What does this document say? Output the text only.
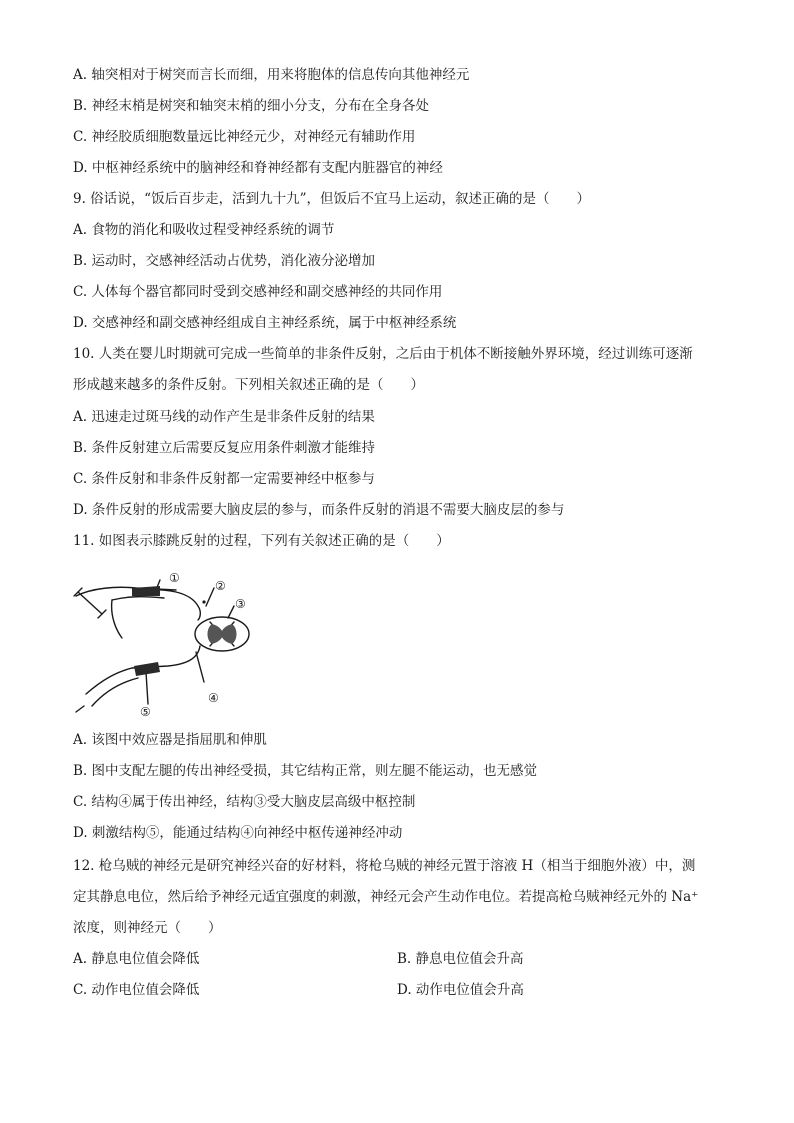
A. 轴突相对于树突而言长而细，用来将胞体的信息传向其他神经元
B. 神经末梢是树突和轴突末梢的细小分支，分布在全身各处
C. 神经胶质细胞数量远比神经元少，对神经元有辅助作用
D. 中枢神经系统中的脑神经和脊神经都有支配内脏器官的神经
9. 俗话说，“饭后百步走，活到九十九”，但饭后不宜马上运动，叙述正确的是（　　）
A. 食物的消化和吸收过程受神经系统的调节
B. 运动时，交感神经活动占优势，消化液分泌增加
C. 人体每个器官都同时受到交感神经和副交感神经的共同作用
D. 交感神经和副交感神经组成自主神经系统，属于中枢神经系统
10. 人类在婴儿时期就可完成一些简单的非条件反射，之后由于机体不断接触外界环境，经过训练可逐渐
形成越来越多的条件反射。下列相关叙述正确的是（　　）
A. 迅速走过斑马线的动作产生是非条件反射的结果
B. 条件反射建立后需要反复应用条件刺激才能维持
C. 条件反射和非条件反射都一定需要神经中枢参与
D. 条件反射的形成需要大脑皮层的参与，而条件反射的消退不需要大脑皮层的参与
11. 如图表示膝跳反射的过程，下列有关叙述正确的是（　　）
①
②
③
④
⑤
A. 该图中效应器是指屈肌和伸肌
B. 图中支配左腿的传出神经受损，其它结构正常，则左腿不能运动，也无感觉
C. 结构④属于传出神经，结构③受大脑皮层高级中枢控制
D. 刺激结构⑤，能通过结构④向神经中枢传递神经冲动
12. 枪乌贼的神经元是研究神经兴奋的好材料，将枪乌贼的神经元置于溶液 H（相当于细胞外液）中，测
定其静息电位，然后给予神经元适宜强度的刺激，神经元会产生动作电位。若提高枪乌贼神经元外的 Na⁺
浓度，则神经元（　　）
A. 静息电位值会降低	B. 静息电位值会升高
C. 动作电位值会降低	D. 动作电位值会升高
